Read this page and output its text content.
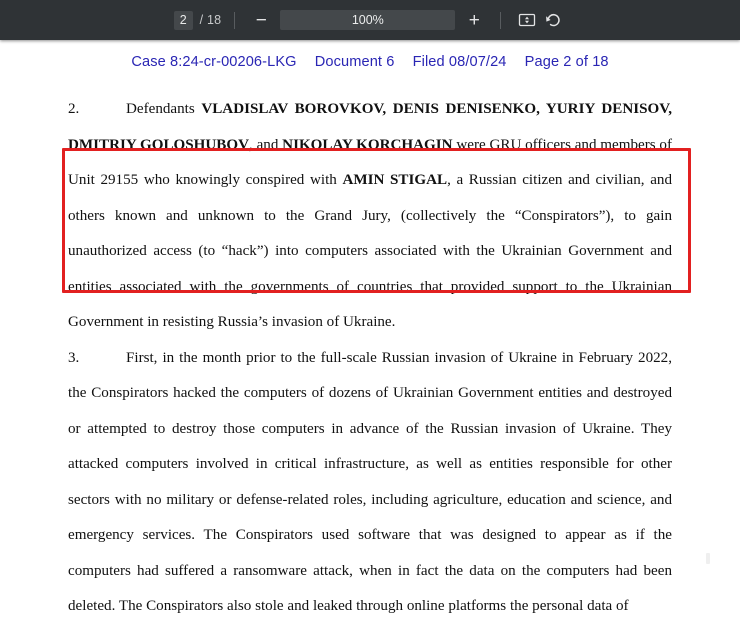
2
/ 18 −
100%	+
Case 8:24-cr-00206-LKG Document 6 Filed 08/07/24 Page 2 of 18

2.	Defendants VLADISLAV BOROVKOV, DENIS DENISENKO, YURIY DENISOV, DMITRIY GOLOSHUBOV, and NIKOLAY KORCHAGIN were GRU officers and members of Unit 29155 who knowingly conspired with AMIN STIGAL, a Russian citizen and civilian, and others known and unknown to the Grand Jury, (collectively the “Conspirators”), to gain unauthorized access (to “hack”) into computers associated with the Ukrainian Government and entities associated with the governments of countries that provided support to the Ukrainian Government in resisting Russia’s invasion of Ukraine.

3.	First, in the month prior to the full-scale Russian invasion of Ukraine in February 2022, the Conspirators hacked the computers of dozens of Ukrainian Government entities and destroyed or attempted to destroy those computers in advance of the Russian invasion of Ukraine. They attacked computers involved in critical infrastructure, as well as entities responsible for other sectors with no military or defense-related roles, including agriculture, education and science, and emergency services. The Conspirators used software that was designed to appear as if the computers had suffered a ransomware attack, when in fact the data on the computers had been deleted. The Conspirators also stole and leaked through online platforms the personal data of
